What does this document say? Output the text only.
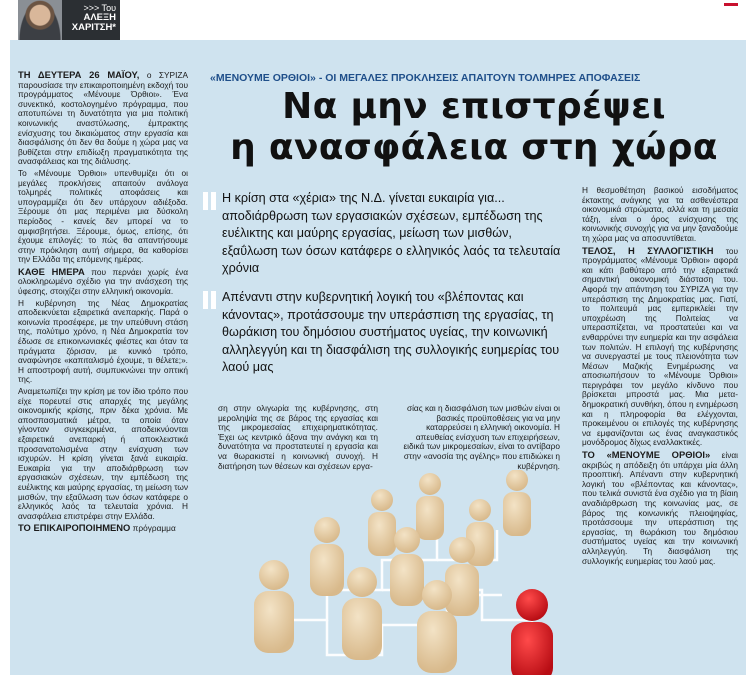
>>> Του
ΑΛΕΞΗ
ΧΑΡΙΤΣΗ*

ΤΗ ΔΕΥΤΕΡΑ 26 ΜΑΪΟΥ, ο ΣΥΡΙΖΑ παρουσίασε την επικαιροποιημένη εκδοχή του προγράμματος «Μένουμε Όρθιοι». Ένα συνεκτικό, κοστολογημένο πρόγραμμα, που αποτυπώνει τη δυνατότητα για μια πολιτική κοινωνικής αναστύλωσης, έμπρακτης ενίσχυσης του δικαιώματος στην εργασία και διασφάλισης ότι δεν θα δούμε η χώρα μας να βυθίζεται στην επιδίωξη πραγματικότητα της ανασφάλειας και της διάλυσης.

Το «Μένουμε Όρθιοι» υπενθυμίζει ότι οι μεγάλες προκλήσεις απαιτούν ανάλογα τολμηρές πολιτικές αποφάσεις και υπογραμμίζει ότι δεν υπάρχουν αδιέξοδα. Ξέρουμε ότι μας περιμένει μια δύσκολη περίοδος - κανείς δεν μπορεί να το αμφισβητήσει. Ξέρουμε, όμως, επίσης, ότι έχουμε επιλογές: το πώς θα απαντήσουμε στην πρόκληση αυτή σήμερα, θα καθορίσει την Ελλάδα της επόμενης ημέρας.

ΚΑΘΕ ΗΜΕΡΑ που περνάει χωρίς ένα ολοκληρωμένο σχέδιο για την ανάσχεση της ύφεσης, στοιχίζει στην ελληνική οικονομία.

Η κυβέρνηση της Νέας Δημοκρατίας αποδεικνύεται εξαιρετικά ανεπαρκής. Παρά ο κοινωνία προσέφερε, με την υπεύθυνη στάση της, πολύτιμο χρόνο, η Νέα Δημοκρατία τον έδωσε σε επικοινωνιακές φιέστες και όταν τα πράγματα ζόρισαν, με κυνικό τρόπο, αναφώνησε «καπιταλισμό έχουμε, τι θέλετε;». Η αποστροφή αυτή, συμπυκνώνει την οπτική της.

Αναμετωπίζει την κρίση με τον ίδιο τρόπο που είχε πορευτεί στις απαρχές της μεγάλης οικονομικής κρίσης, πριν δέκα χρόνια. Με αποσπασματικά μέτρα, τα οποία όταν γίνονταν συγκεκριμένα, αποδεικνύονται εξαιρετικά ανεπαρκή ή αποκλειστικά προσανατολισμένα στην ενίσχυση των ισχυρών. Η κρίση γίνεται ξανά ευκαιρία. Ευκαιρία για την αποδιάρθρωση των εργασιακών σχέσεων, την εμπέδωση της ευέλικτης και μαύρης εργασίας, τη μείωση των μισθών, την εξαΰλωση των όσων κατάφερε ο ελληνικός λαός τα τελευταία χρόνια. Η ανασφάλεια επιστρέφει στην Ελλάδα.

ΤΟ ΕΠΙΚΑΙΡΟΠΟΙΗΜΕΝΟ πρόγραμμα

«ΜΕΝΟΥΜΕ ΟΡΘΙΟΙ» - ΟΙ ΜΕΓΑΛΕΣ ΠΡΟΚΛΗΣΕΙΣ ΑΠΑΙΤΟΥΝ ΤΟΛΜΗΡΕΣ ΑΠΟΦΑΣΕΙΣ
Να μην επιστρέψει
η ανασφάλεια στη χώρα
Η κρίση στα «χέρια» της Ν.Δ. γίνεται ευκαιρία για... αποδιάρθρωση των εργασιακών σχέσεων, εμπέδωση της ευέλικτης και μαύρης εργασίας, μείωση των μισθών, εξαΰλωση των όσων κατάφερε ο ελληνικός λαός τα τελευταία χρόνια
Απέναντι στην κυβερνητική λογική του «βλέποντας και κάνοντας», προτάσσουμε την υπεράσπιση της εργασίας, τη θωράκιση του δημόσιου συστήματος υγείας, την κοινωνική αλληλεγγύη και τη διασφάλιση της συλλογικής ευημερίας του λαού μας
ση στην ολιγωρία της κυβέρνησης, στη μεροληψία της σε βάρος της εργασίας και της μικρομεσαίας επιχειρηματικότητας. Έχει ως κεντρικό άξονα την ανάγκη και τη δυνατότητα να προστατευτεί η εργασία και να θωρακιστεί η κοινωνική συνοχή. Η διατήρηση των θέσεων και σχέσεων εργα-
σίας και η διασφάλιση των μισθών είναι οι βασικές προϋποθέσεις για να μην καταρρεύσει η ελληνική οικονομία. Η απευθείας ενίσχυση των επιχειρήσεων, ειδικά των μικρομεσαίων, είναι το αντίβαρο στην «ανοσία της αγέλης» που επιδιώκει η κυβέρνηση.

Η θεσμοθέτηση βασικού εισοδήματος έκτακτης ανάγκης για τα ασθενέστερα οικονομικά στρώματα, αλλά και τη μεσαία τάξη, είναι ο όρος ενίσχυσης της κοινωνικής συνοχής για να μην ξαναδούμε τη χώρα μας να αποσυντίθεται.

ΤΕΛΟΣ, Η ΣΥΛΛΟΓΙΣΤΙΚΗ του προγράμματος «Μένουμε Όρθιοι» αφορά και κάτι βαθύτερο από την εξαιρετικά σημαντική οικονομική διάσταση του. Αφορά την απάντηση του ΣΥΡΙΖΑ για την υπεράσπιση της Δημοκρατίας μας. Γιατί, το πολιτευμά μας εμπερικλείει την υποχρέωση της Πολιτείας να υπερασπίζεται, να προστατεύει και να ενθαρρύνει την ευημερία και την ασφάλεια των πολιτών. Η επιλογή της κυβέρνησης να συνεργαστεί με τους πλειονότητα των Μέσων Μαζικής Ενημέρωσης να αποσιωπήσουν το «Μένουμε Όρθιοι» περιγράφει τον μεγάλο κίνδυνο που βρίσκεται μπροστά μας. Μια μετα-δημοκρατική συνθήκη, όπου η ενημέρωση και η πληροφορία θα ελέγχονται, προκειμένου οι επιλογές της κυβέρνησης να εμφανίζονται ως ένας αναγκαστικός μονόδρομος δίχως εναλλακτικές.

ΤΟ «ΜΕΝΟΥΜΕ ΟΡΘΙΟΙ» είναι ακριβώς η απόδειξη ότι υπάρχει μία άλλη προοπτική. Απέναντι στην κυβερνητική λογική του «βλέποντας και κάνοντας», που τελικά συνιστά ένα σχέδιο για τη βίαιη αναδιάρθρωση της κοινωνίας μας, σε βάρος της κοινωνικής πλειοψηφίας, προτάσσουμε την υπεράσπιση της εργασίας, τη θωράκιση του δημόσιου συστήματος υγείας και την κοινωνική αλληλεγγύη. Τη διασφάλιση της συλλογικής ευημερίας του λαού μας.
